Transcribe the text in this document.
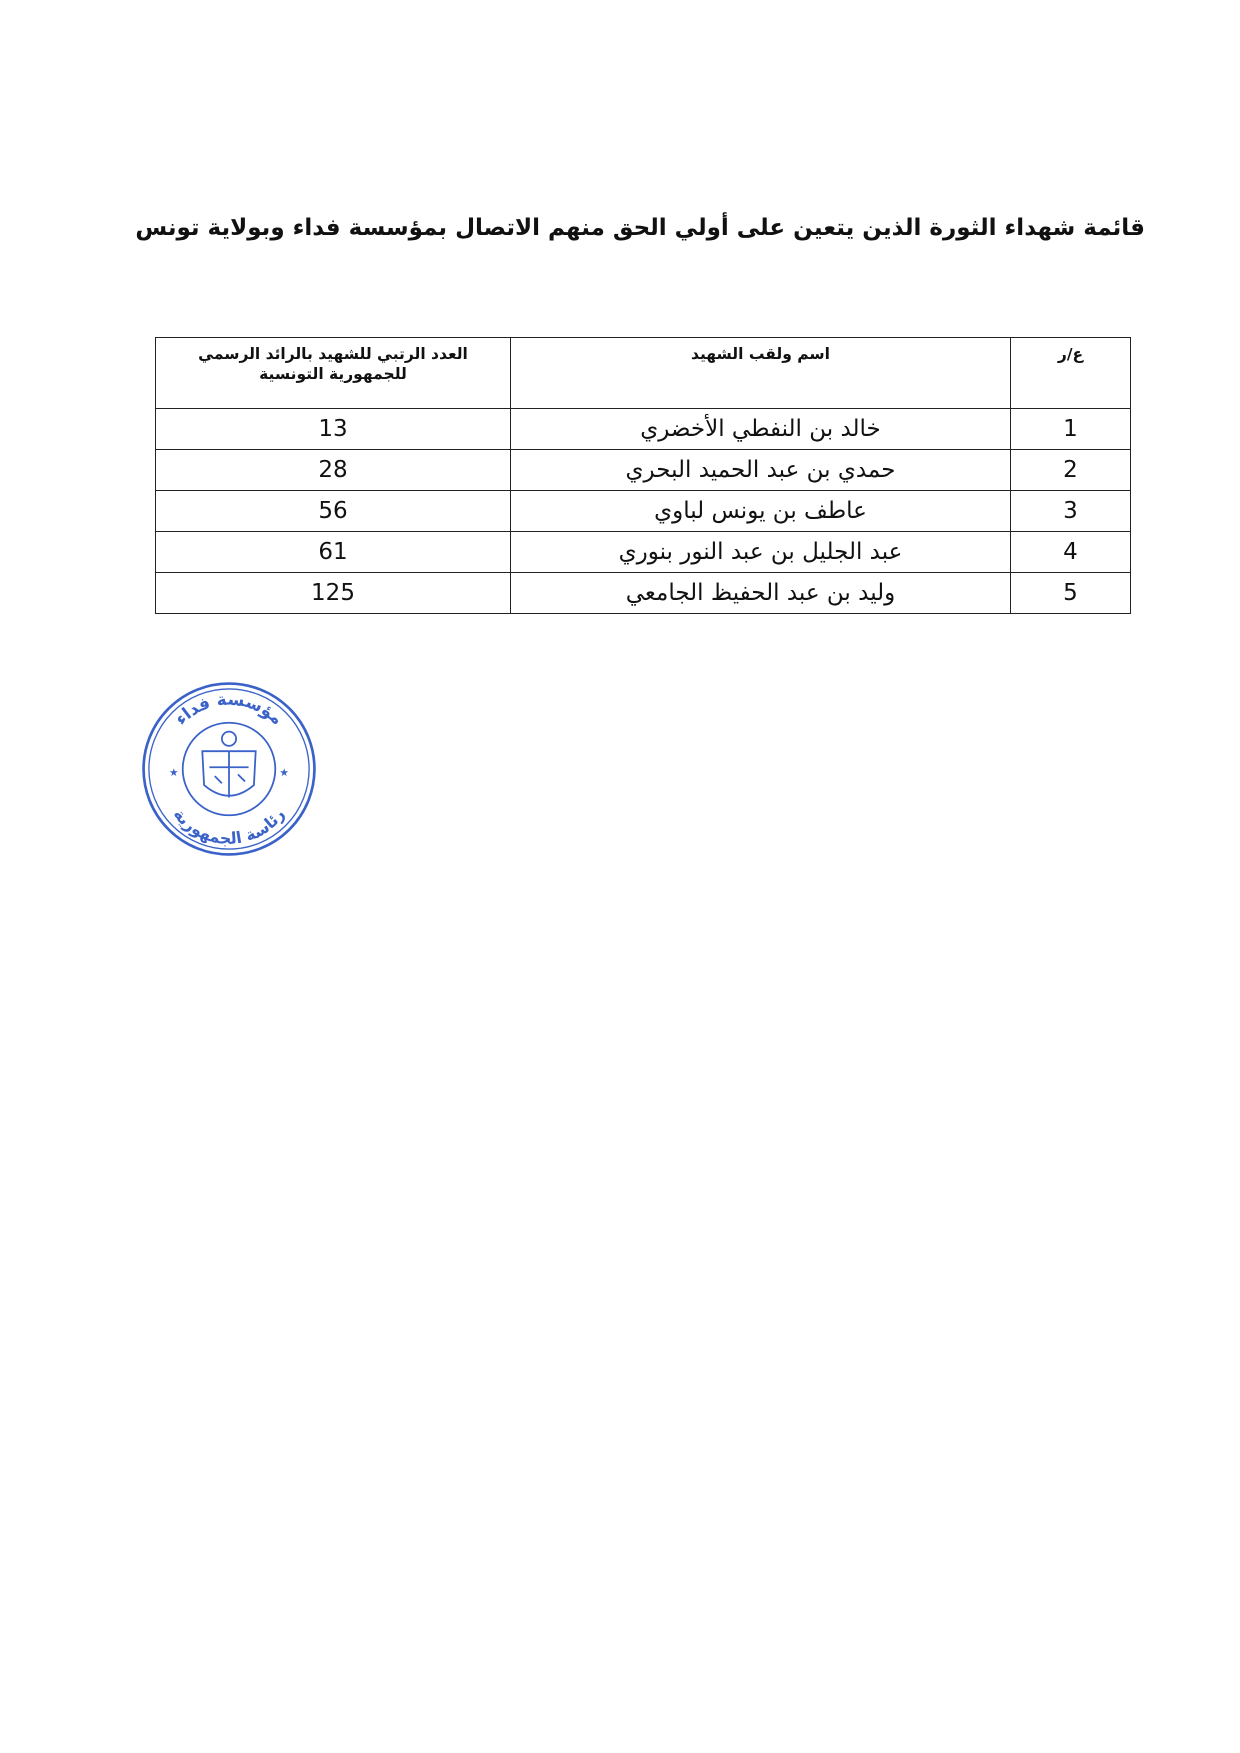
قائمة شهداء الثورة الذين يتعين على أولي الحق منهم الاتصال بمؤسسة فداء وبولاية تونس
ع/ر	اسم ولقب الشهيد	العدد الرتبي للشهيد بالرائد الرسمي للجمهورية التونسية
1	خالد بن النفطي الأخضري	13
2	حمدي بن عبد الحميد البحري	28
3	عاطف بن يونس لباوي	56
4	عبد الجليل بن عبد النور بنوري	61
5	وليد بن عبد الحفيظ الجامعي	125
مؤسسة فداء
رئاسة الجمهورية
★	★
